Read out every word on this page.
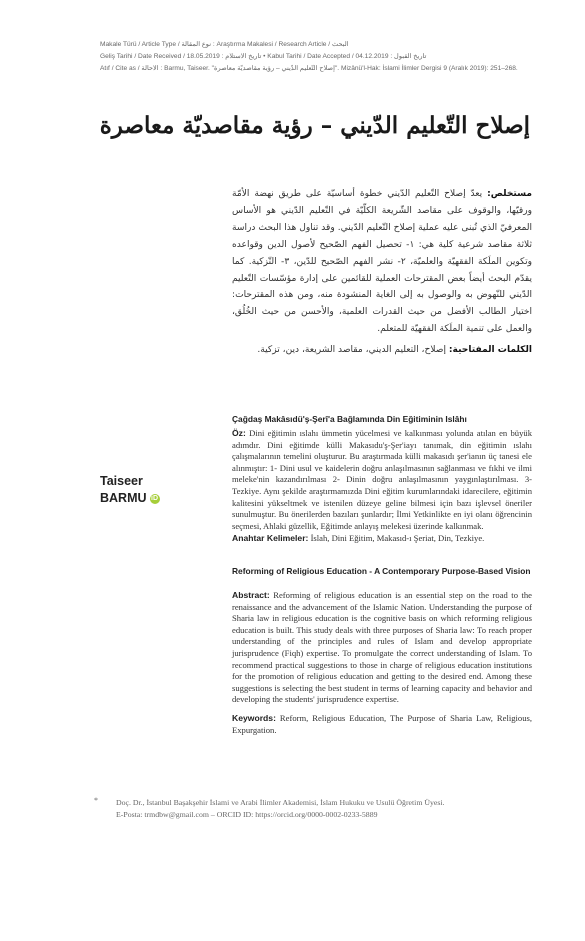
Makale Türü / Article Type / نوع المقالة : Araştırma Makalesi / Research Article / البحث
Geliş Tarihi / Date Received / تاريخ الاستلام : 18.05.2019 • Kabul Tarihi / Date Accepted / تاريخ القبول : 04.12.2019
Atıf / Cite as / الاحالة : Barmu, Taiseer. "إصلاح التّعليم الدّيني – رؤية مقاصديّة معاصرة". Mizânü'l-Hak: İslami İlimler Dergisi 9 (Aralık 2019): 251–268.
إصلاح التّعليم الدّيني – رؤية مقاصديّة معاصرة
مستخلص: يعدّ إصلاح التّعليم الدّيني خطوة أساسيّة على طريق نهضة الأمّة ورقيّها، والوقوف على مقاصد الشّريعة الكلّيّة في التّعليم الدّيني هو الأساس المعرفيّ الذي تُبنى عليه عملية إصلاح التّعليم الدّيني. وقد تناول هذا البحث دراسة ثلاثة مقاصد شرعية كلية هي: ١- تحصيل الفهم الصّحيح لأصول الدين وقواعده وتكوين الملَكة الفقهيّة والعلميّة، ٢- نشر الفهم الصّحيح للدّين، ٣- التّزكية. كما يقدّم البحث أيضاً بعض المقترحات العملية للقائمين على إدارة مؤسّسات التّعليم الدّيني للنّهوض به والوصول به إلى الغاية المنشودة منه، ومن هذه المقترحات: اختيار الطالب الأفضل من حيث القدرات العلمية، والأحسن من حيث الخُلُق، والعمل على تنمية الملَكة الفقهيّة للمتعلم.
الكلمات المفتاحية: إصلاح، التعليم الديني، مقاصد الشريعة، دين، تزكية.
Taiseer
BARMU iD
Çağdaş Makâsıdü'ş-Şerî'a Bağlamında Din Eğitiminin Islâhı
Öz: Dini eğitimin ıslahı ümmetin yücelmesi ve kalkınması yolunda atılan en büyük adımdır. Dini eğitimde külli Makasıdu'ş-Şer'iayı tanımak, din eğitimin ıslahı çalışmalarının temelini oluşturur. Bu araştırmada külli makasıdı şer'ianın üç tanesi ele alınmıştır: 1- Dini usul ve kaidelerin doğru anlaşılmasının sağlanması ve fıkhi ve ilmi meleke'nin kazandırılması 2- Dinin doğru anlaşılmasının yaygınlaştırılması. 3- Tezkiye. Aynı şekilde araştırmamızda Dini eğitim kurumlarındaki idarecilere, eğitimin kalitesini yükseltmek ve istenilen düzeye geline bilmesi için bazı işlevsel öneriler sunulmuştur. Bu önerilerden bazıları şunlardır; İlmi Yetkinlikte en iyi olanı öğrencinin seçmesi, Ahlaki güzellik, Eğitimde anlayış melekesi üzerinde kalkınmak.
Anahtar Kelimeler: İslah, Dini Eğitim, Makasıd-ı Şeriat, Din, Tezkiye.
Reforming of Religious Education - A Contemporary Purpose-Based Vision
Abstract: Reforming of religious education is an essential step on the road to the renaissance and the advancement of the Islamic Nation. Understanding the purpose of Sharia law in religious education is the cognitive basis on which reforming religious education is built. This study deals with three purposes of Sharia law: To reach proper understanding of the principles and rules of Islam and develop appropriate jurisprudence (Fiqh) expertise. To promulgate the correct understanding of Islam. To recommend practical suggestions to those in charge of religious education institutions for the promotion of religious education and getting to the desired end. Among these suggestions is selecting the best student in terms of learning capacity and behavior and developing the students' jurisprudence expertise.
Keywords: Reform, Religious Education, The Purpose of Sharia Law, Religious, Expurgation.
*	Doç. Dr., İstanbul Başakşehir İslami ve Arabi İlimler Akademisi, İslam Hukuku ve Usulü Öğretim Üyesi.
E-Posta: trmdbw@gmail.com – ORCID ID: https://orcid.org/0000-0002-0233-5889
